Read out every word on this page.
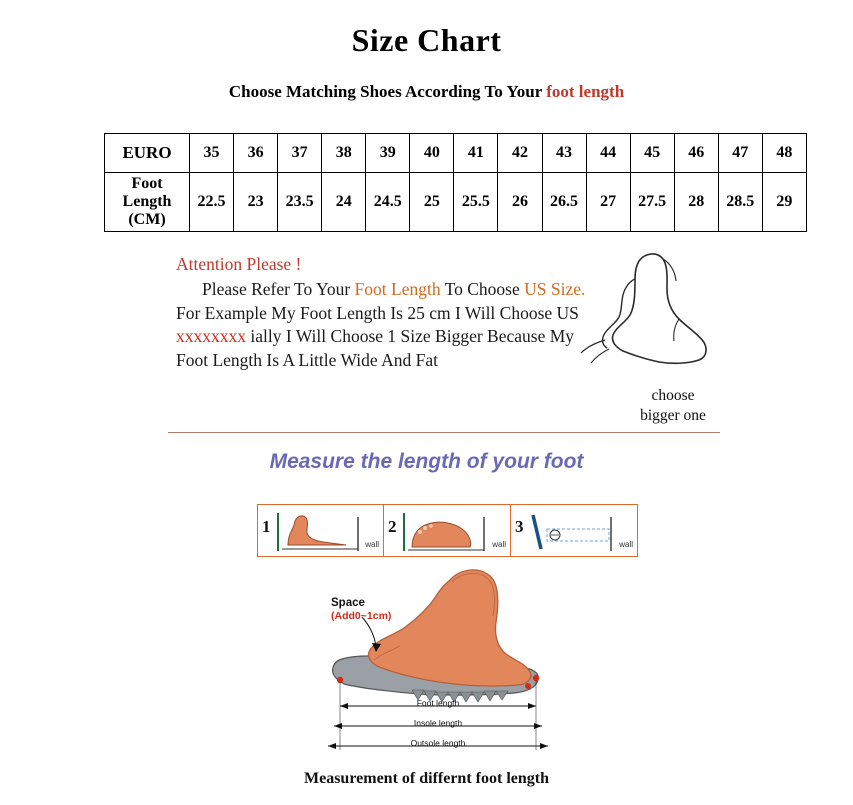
Size Chart
Choose Matching Shoes According To Your foot length
EURO	35	36	37	38	39	40	41	42	43	44	45	46	47	48

Foot
Length
(CM)	22.5	23	23.5	24	24.5	25	25.5	26	26.5	27	27.5	28	28.5	29
Attention Please !
Please Refer To Your Foot Length To Choose US Size. For Example My Foot Length Is 25 cm I Will Choose US xxxxxxxx ially I Will Choose 1 Size Bigger Because My Foot Length Is A Little Wide And Fat
choose
bigger one
Measure the length of your foot
1
wall
2
wall
3
wall
Space
(Add0~1cm)
Foot length
Insole length
Outsole length
Measurement of differnt foot length
